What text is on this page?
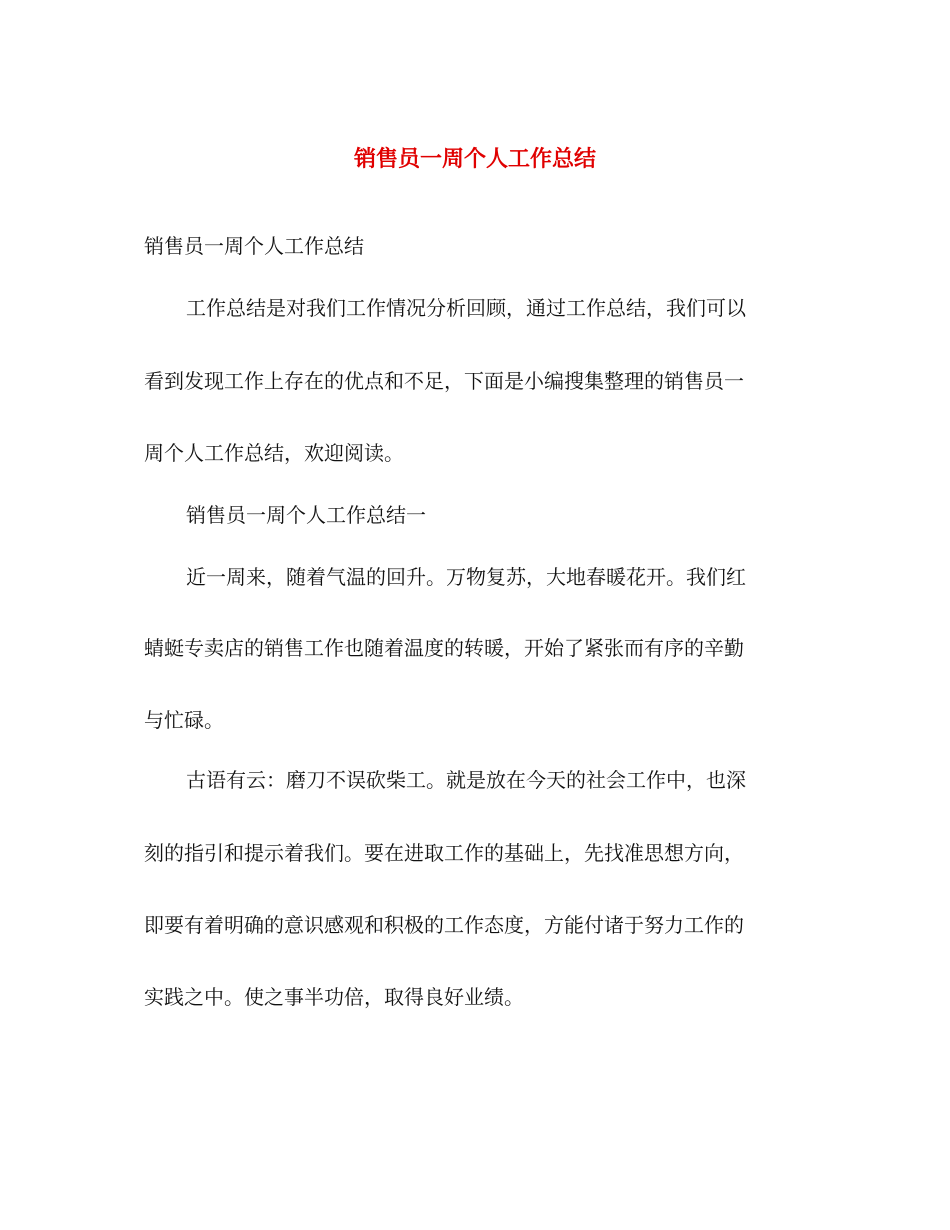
销售员一周个人工作总结
销售员一周个人工作总结
工作总结是对我们工作情况分析回顾，通过工作总结，我们可以
看到发现工作上存在的优点和不足，下面是小编搜集整理的销售员一
周个人工作总结，欢迎阅读。
销售员一周个人工作总结一
近一周来，随着气温的回升。万物复苏，大地春暖花开。我们红
蜻蜓专卖店的销售工作也随着温度的转暖，开始了紧张而有序的辛勤
与忙碌。
古语有云：磨刀不误砍柴工。就是放在今天的社会工作中，也深
刻的指引和提示着我们。要在进取工作的基础上，先找准思想方向，
即要有着明确的意识感观和积极的工作态度，方能付诸于努力工作的
实践之中。使之事半功倍，取得良好业绩。
